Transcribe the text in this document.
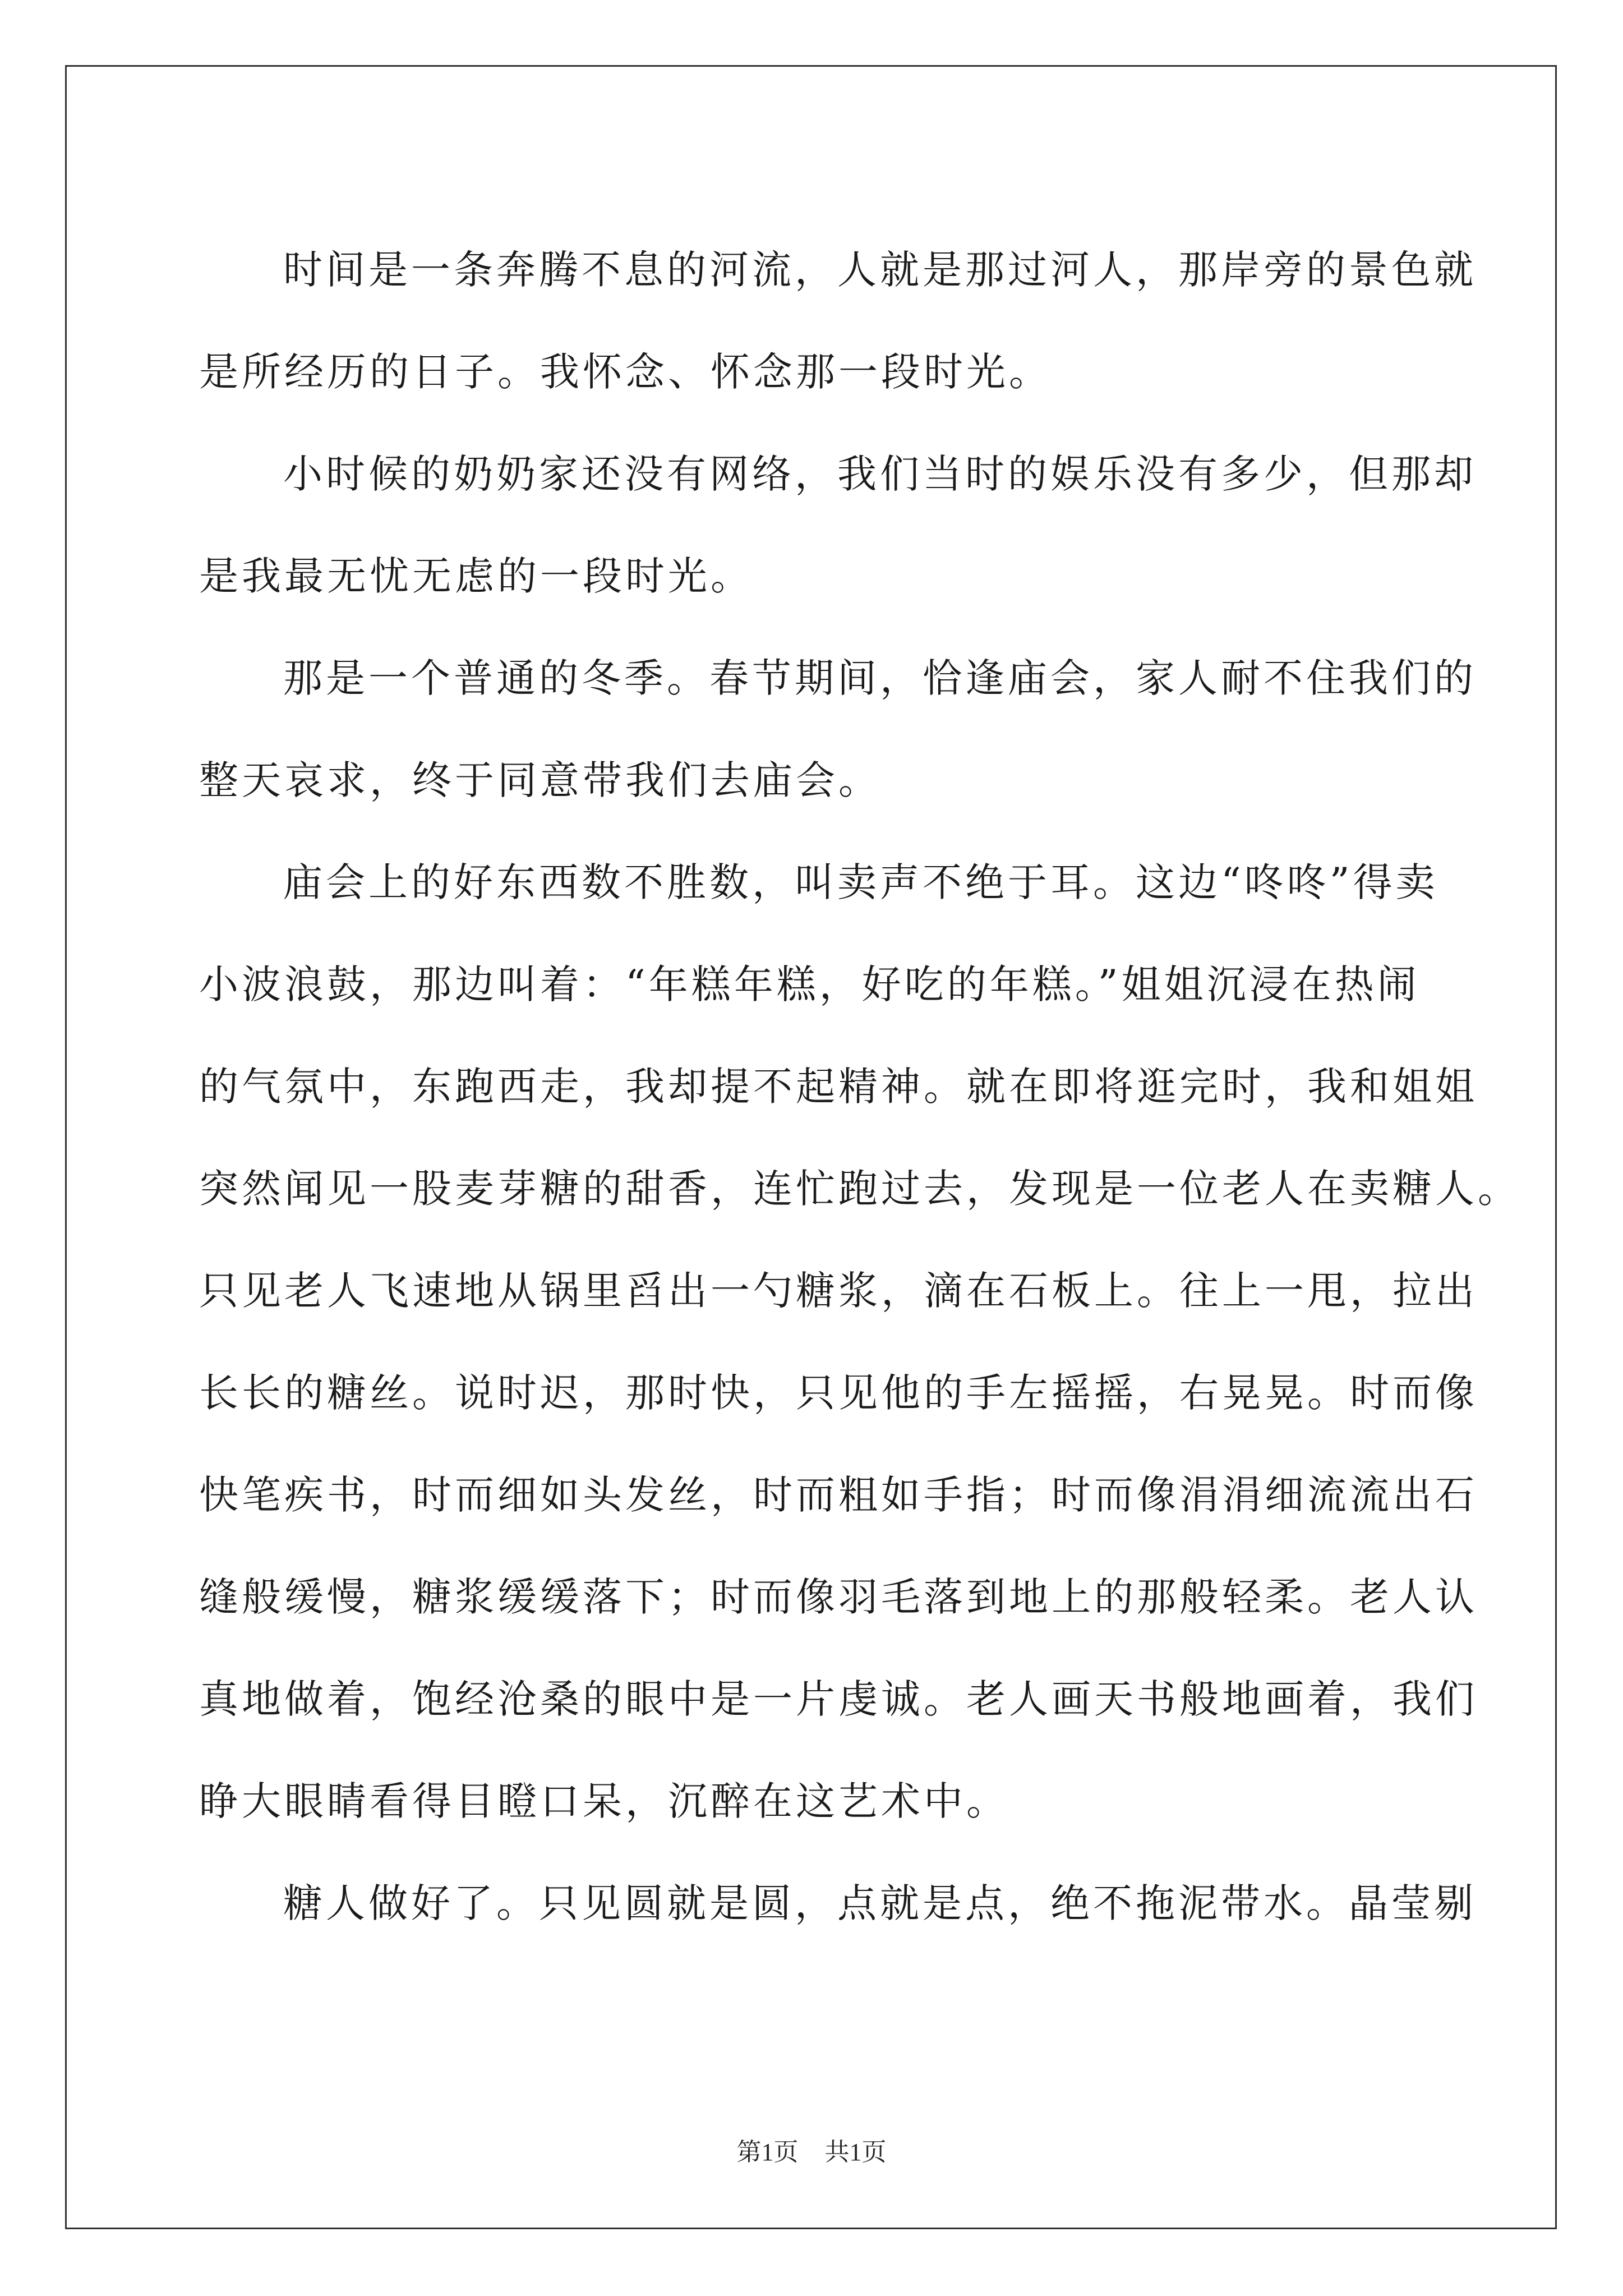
时间是一条奔腾不息的河流，人就是那过河人，那岸旁的景色就
是所经历的日子。我怀念、怀念那一段时光。
小时候的奶奶家还没有网络，我们当时的娱乐没有多少，但那却
是我最无忧无虑的一段时光。
那是一个普通的冬季。春节期间，恰逢庙会，家人耐不住我们的
整天哀求，终于同意带我们去庙会。
庙会上的好东西数不胜数，叫卖声不绝于耳。这边“咚咚”得卖
小波浪鼓，那边叫着：“年糕年糕，好吃的年糕。”姐姐沉浸在热闹
的气氛中，东跑西走，我却提不起精神。就在即将逛完时，我和姐姐
突然闻见一股麦芽糖的甜香，连忙跑过去，发现是一位老人在卖糖人。
只见老人飞速地从锅里舀出一勺糖浆，滴在石板上。往上一甩，拉出
长长的糖丝。说时迟，那时快，只见他的手左摇摇，右晃晃。时而像
快笔疾书，时而细如头发丝，时而粗如手指；时而像涓涓细流流出石
缝般缓慢，糖浆缓缓落下；时而像羽毛落到地上的那般轻柔。老人认
真地做着，饱经沧桑的眼中是一片虔诚。老人画天书般地画着，我们
睁大眼睛看得目瞪口呆，沉醉在这艺术中。
糖人做好了。只见圆就是圆，点就是点，绝不拖泥带水。晶莹剔
第1页 共1页
